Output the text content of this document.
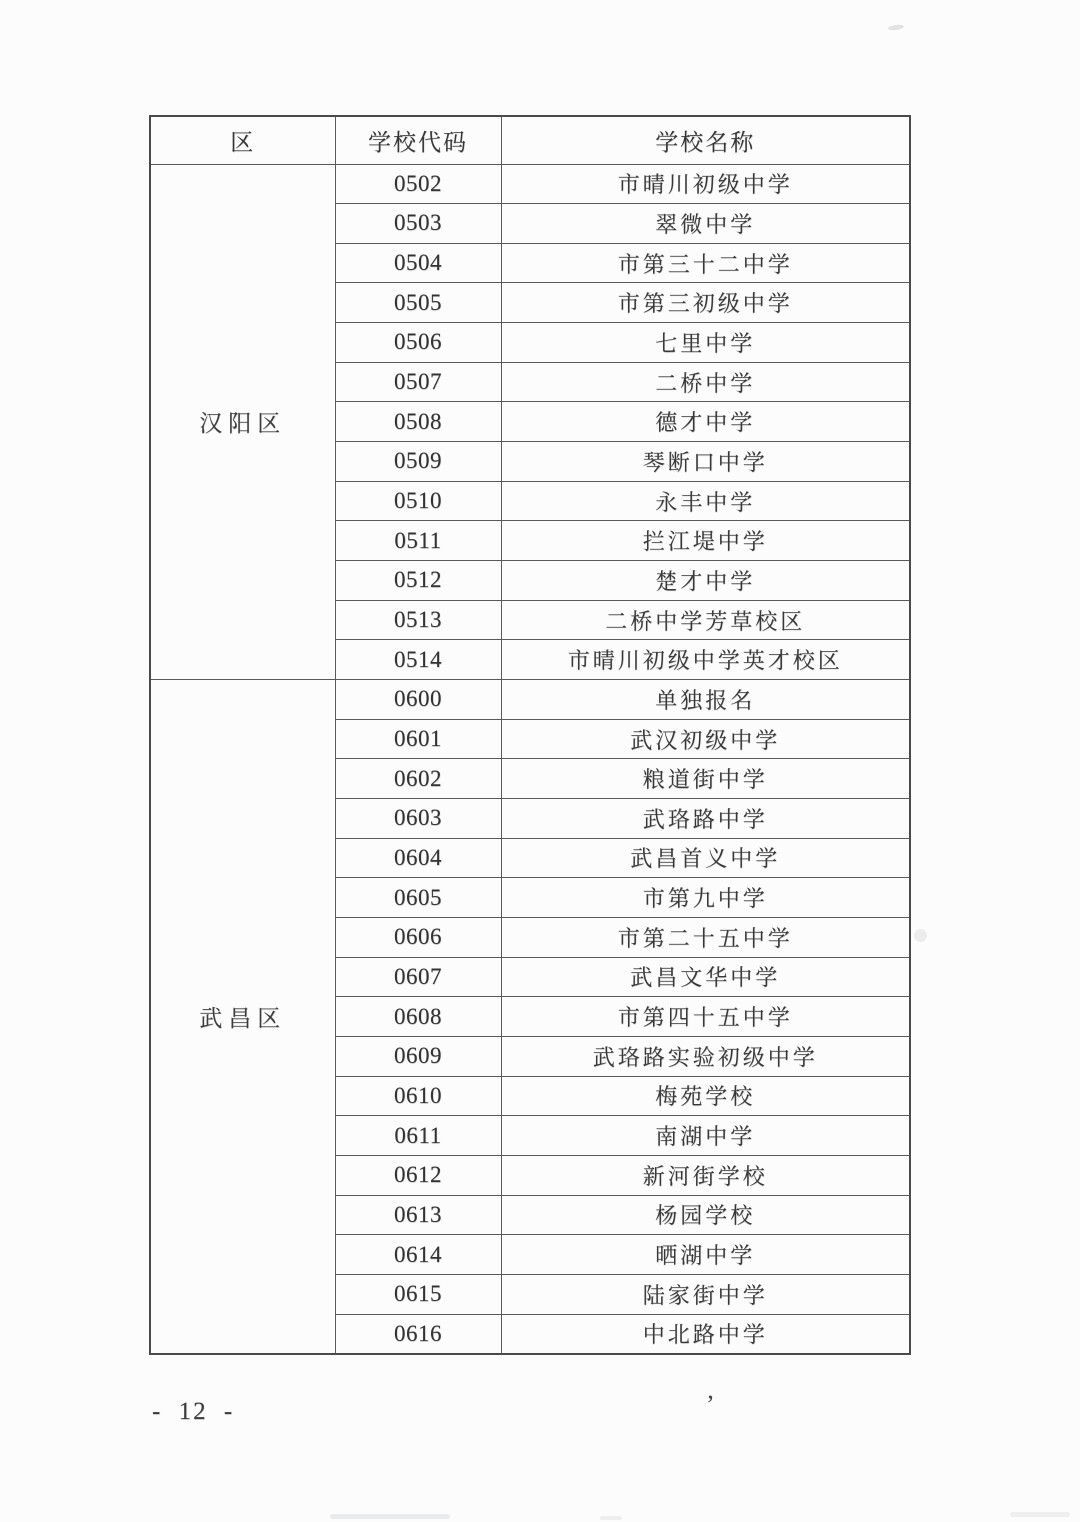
区	学校代码	学校名称
汉阳区	0502	市晴川初级中学
	0503	翠微中学
	0504	市第三十二中学
	0505	市第三初级中学
	0506	七里中学
	0507	二桥中学
	0508	德才中学
	0509	琴断口中学
	0510	永丰中学
	0511	拦江堤中学
	0512	楚才中学
	0513	二桥中学芳草校区
	0514	市晴川初级中学英才校区
武昌区	0600	单独报名
	0601	武汉初级中学
	0602	粮道街中学
	0603	武珞路中学
	0604	武昌首义中学
	0605	市第九中学
	0606	市第二十五中学
	0607	武昌文华中学
	0608	市第四十五中学
	0609	武珞路实验初级中学
	0610	梅苑学校
	0611	南湖中学
	0612	新河街学校
	0613	杨园学校
	0614	晒湖中学
	0615	陆家街中学
	0616	中北路中学
- 12 -	’
